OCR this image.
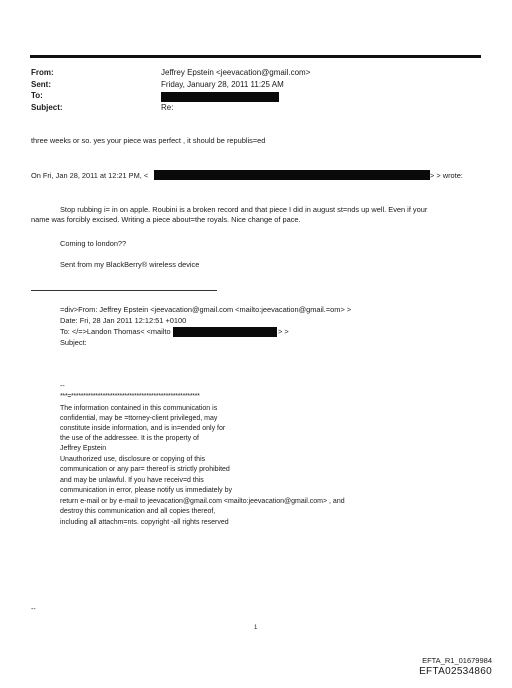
From:
Sent:
To:
Subject:
Jeffrey Epstein <jeevacation@gmail.com>
Friday, January 28, 2011 11:25 AM
Re:
three weeks or so. yes your piece was perfect , it should be republis=ed
On Fri, Jan 28, 2011 at 12:21 PM, <	> > wrote:
Stop rubbing i= in on apple. Roubini is a broken record and that piece I did in august st=nds up well. Even if your
name was forcibly excised. Writing a piece about=the royals. Nice change of pace.
Coming to london??
Sent from my BlackBerry® wireless device
=div>From: Jeffrey Epstein <jeevacation@gmail.com <mailto:jeevacation@gmail.=om> >
Date: Fri, 28 Jan 2011 12:12:51 +0100
To: </=>Landon Thomas< <mailto	> >
Subject:
--
***=*****************************************************
The information contained in this communication is
confidential, may be =ttorney-client privileged, may
constitute inside information, and is in=ended only for
the use of the addressee. It is the property of
Jeffrey Epstein
Unauthorized use, disclosure or copying of this
communication or any par= thereof is strictly prohibited
and may be unlawful. If you have receiv=d this
communication in error, please notify us immediately by
return e-mail or by e-mail to jeevacation@gmail.com <mailto:jeevacation@gmail.com> , and
destroy this communication and all copies thereof,
including all attachm=nts. copyright -all rights reserved
--
1
EFTA_R1_01679984
EFTA02534860
